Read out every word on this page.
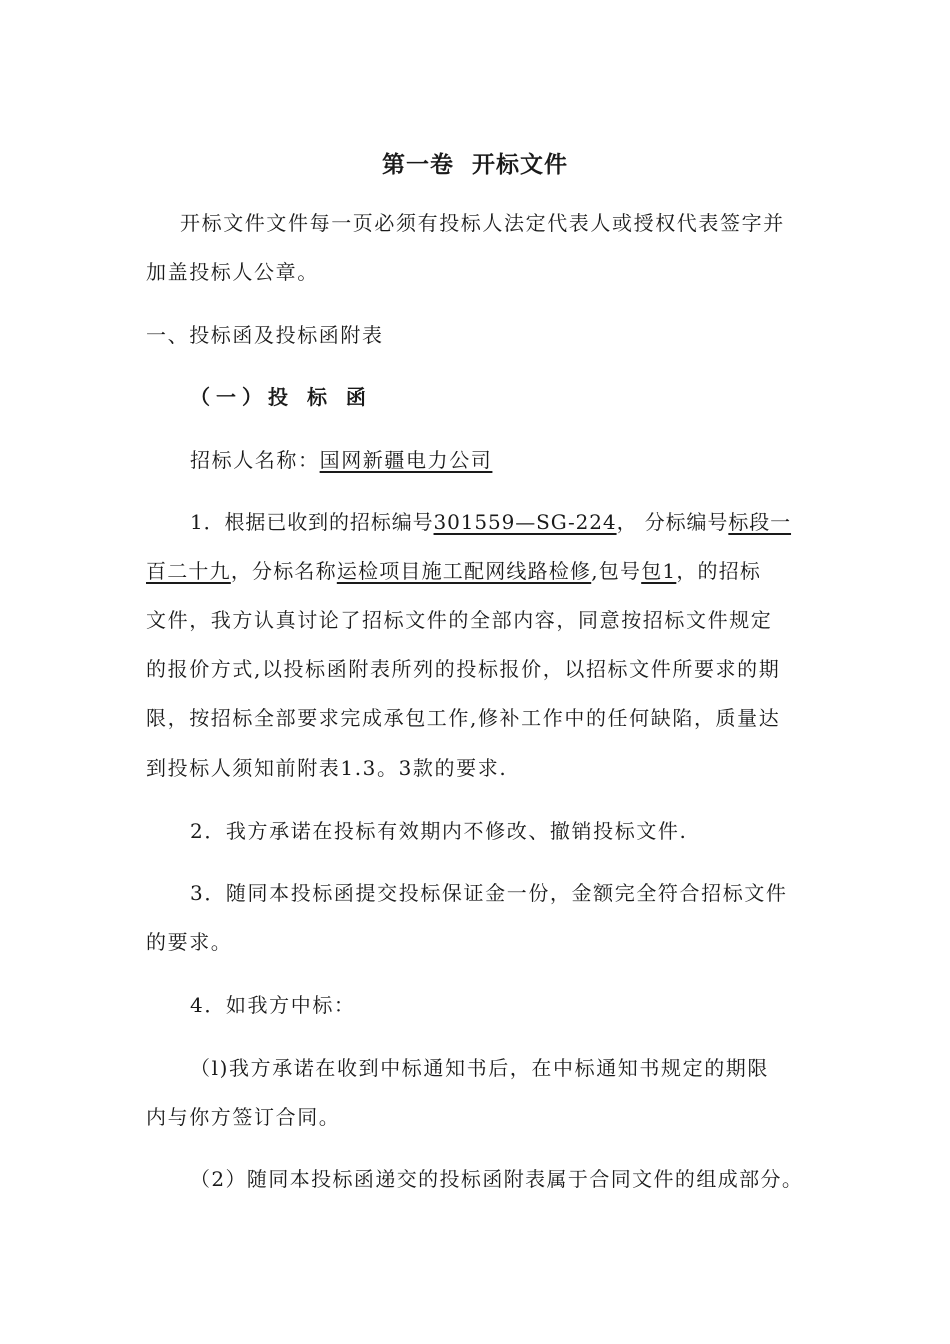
第一卷  开标文件
开标文件文件每一页必须有投标人法定代表人或授权代表签字并
加盖投标人公章。
一、投标函及投标函附表
（一）投 标 函
招标人名称：国网新疆电力公司
1．根据已收到的招标编号301559—SG-224， 分标编号标段一
百二十九，分标名称运检项目施工配网线路检修,包号包1，的招标
文件，我方认真讨论了招标文件的全部内容，同意按招标文件规定
的报价方式,以投标函附表所列的投标报价，以招标文件所要求的期
限，按招标全部要求完成承包工作,修补工作中的任何缺陷，质量达
到投标人须知前附表1.3。3款的要求.
2．我方承诺在投标有效期内不修改、撤销投标文件.
3．随同本投标函提交投标保证金一份，金额完全符合招标文件
的要求。
4．如我方中标：
（l)我方承诺在收到中标通知书后，在中标通知书规定的期限
内与你方签订合同。
（2）随同本投标函递交的投标函附表属于合同文件的组成部分。
